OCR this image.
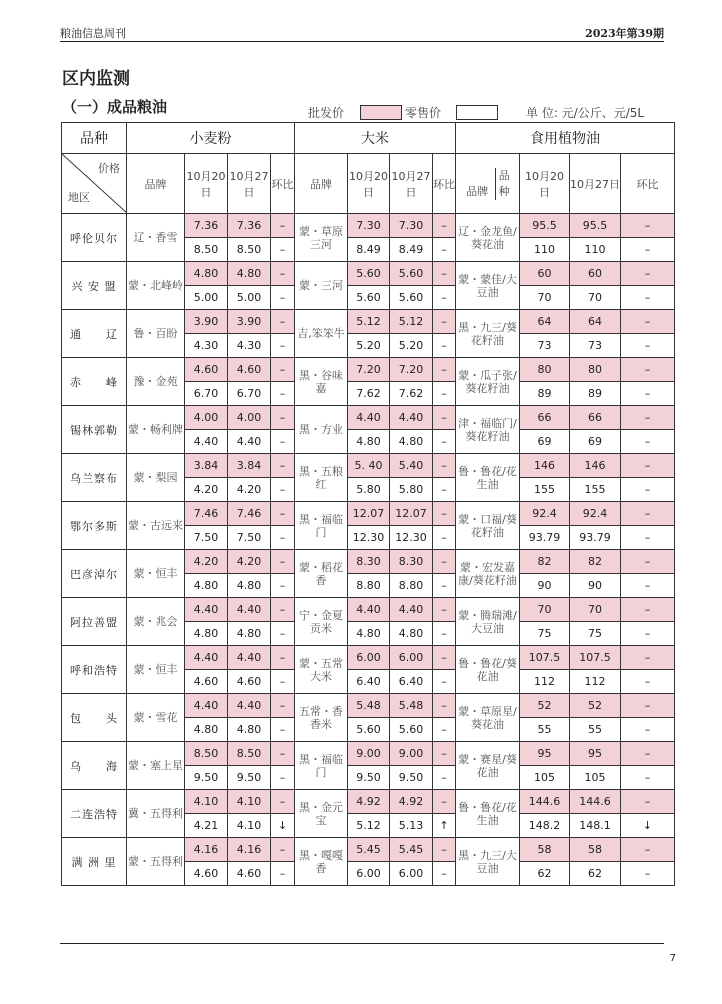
粮油信息周刊	2023年第39期
区内监测
（一）成品粮油	批发价	零售价	单 位: 元/公斤、元/5L
品种	小麦粉				大米				食用植物油			

价格
地区	品牌	10月20日	10月27日	环比	品牌	10月20日	10月27日	环比	品牌 品种	10月20日	10月27日	环比
呼伦贝尔	辽・香雪	7.36	7.36	–	蒙・草原三河	7.30	7.30	–	辽・金龙鱼/葵花油	95.5	95.5	–
		8.50	8.50	–		8.49	8.49	–		110	110	–
兴 安 盟	蒙・北峰岭	4.80	4.80	–	蒙・三河	5.60	5.60	–	蒙・蒙佳/大豆油	60	60	–
		5.00	5.00	–		5.60	5.60	–		70	70	–
通　　辽	鲁・百盼	3.90	3.90	–	吉,笨笨牛	5.12	5.12	–	黑・九三/葵花籽油	64	64	–
		4.30	4.30	–		5.20	5.20	–		73	73	–
赤　　峰	豫・金苑	4.60	4.60	–	黑・谷味嘉	7.20	7.20	–	蒙・瓜子张/葵花籽油	80	80	–
		6.70	6.70	–		7.62	7.62	–		89	89	–
锡林郭勒	蒙・畅利牌	4.00	4.00	–	黑・方业	4.40	4.40	–	津・福临门/葵花籽油	66	66	–
		4.40	4.40	–		4.80	4.80	–		69	69	–
乌兰察布	蒙・梨园	3.84	3.84	–	黑・五粮红	5. 40	5.40	–	鲁・鲁花/花生油	146	146	–
		4.20	4.20	–		5.80	5.80	–		155	155	–
鄂尔多斯	蒙・古远来	7.46	7.46	–	黑・福临门	12.07	12.07	–	蒙・口福/葵花籽油	92.4	92.4	–
		7.50	7.50	–		12.30	12.30	–		93.79	93.79	–
巴彦淖尔	蒙・恒丰	4.20	4.20	–	蒙・稻花香	8.30	8.30	–	蒙・宏发嘉康/葵花籽油	82	82	–
		4.80	4.80	–		8.80	8.80	–		90	90	–
阿拉善盟	蒙・兆会	4.40	4.40	–	宁・金夏贡米	4.40	4.40	–	蒙・腾瑞滩/大豆油	70	70	–
		4.80	4.80	–		4.80	4.80	–		75	75	–
呼和浩特	蒙・恒丰	4.40	4.40	–	蒙・五常大米	6.00	6.00	–	鲁・鲁花/葵花油	107.5	107.5	–
		4.60	4.60	–		6.40	6.40	–		112	112	–
包　　头	蒙・雪花	4.40	4.40	–	五常・香香米	5.48	5.48	–	蒙・草原星/葵花油	52	52	–
		4.80	4.80	–		5.60	5.60	–		55	55	–
乌　　海	蒙・塞上星	8.50	8.50	–	黑・福临门	9.00	9.00	–	蒙・赛星/葵花油	95	95	–
		9.50	9.50	–		9.50	9.50	–		105	105	–
二连浩特	冀・五得利	4.10	4.10	–	黑・金元宝	4.92	4.92	–	鲁・鲁花/花生油	144.6	144.6	–
		4.21	4.10	↓		5.12	5.13	↑		148.2	148.1	↓
满 洲 里	蒙・五得利	4.16	4.16	–	黑・嘎嘎香	5.45	5.45	–	黑・九三/大豆油	58	58	–
		4.60	4.60	–		6.00	6.00	–		62	62	–
7
